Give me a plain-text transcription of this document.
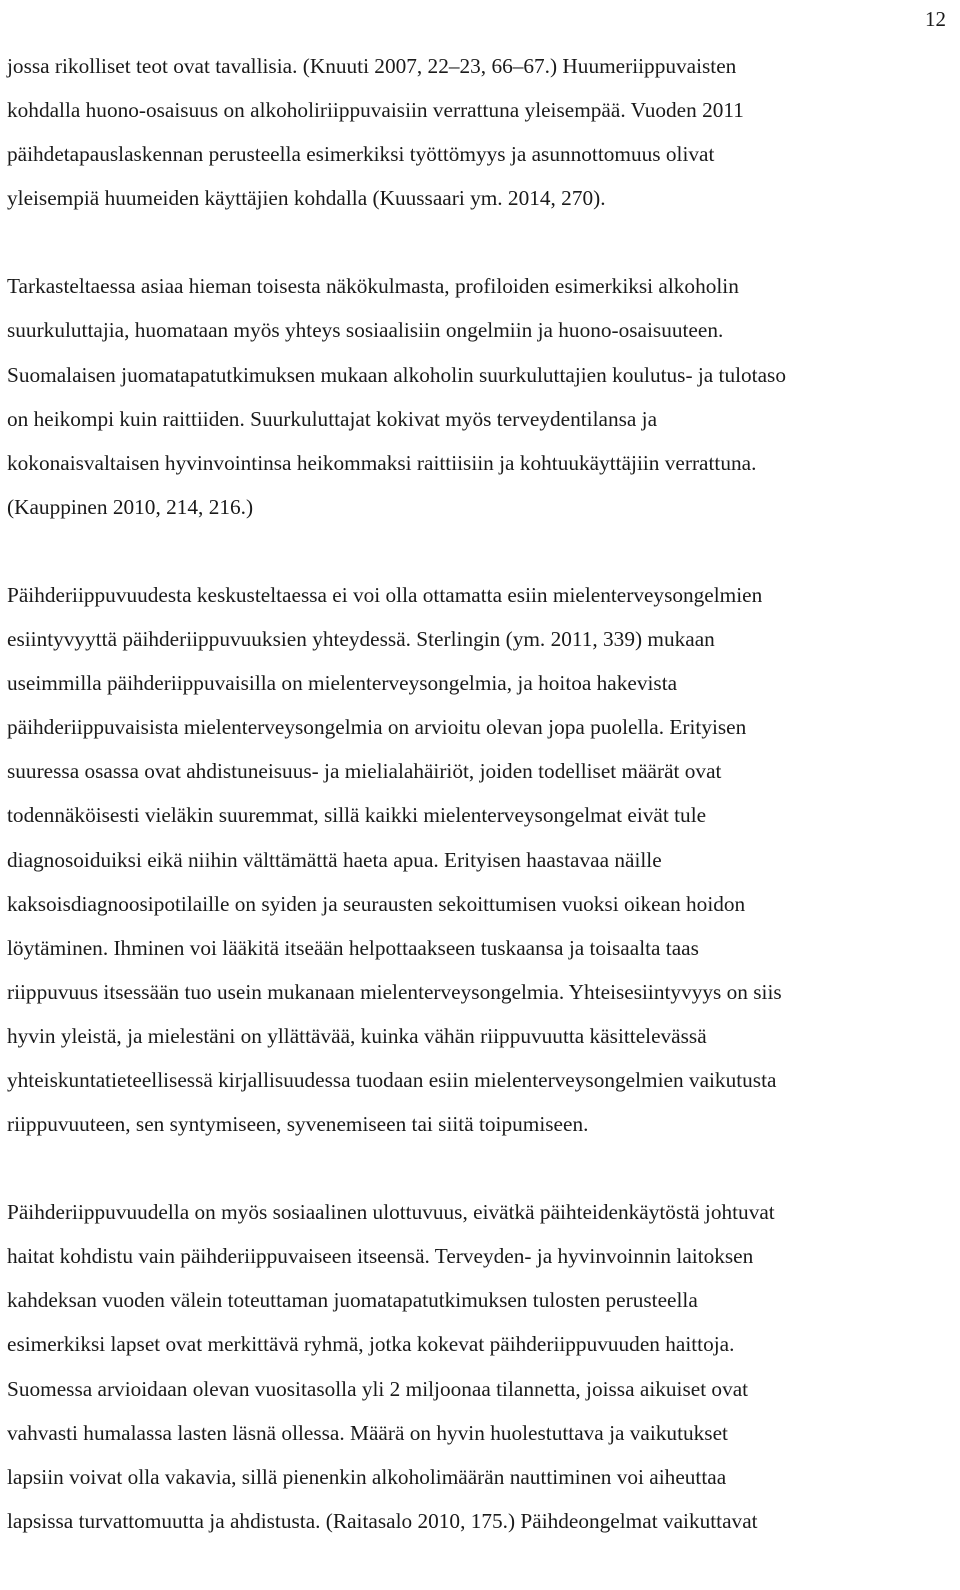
12

jossa rikolliset teot ovat tavallisia. (Knuuti 2007, 22–23, 66–67.) Huumeriippuvaisten
kohdalla huono-osaisuus on alkoholiriippuvaisiin verrattuna yleisempää. Vuoden 2011
päihdetapauslaskennan perusteella esimerkiksi työttömyys ja asunnottomuus olivat
yleisempiä huumeiden käyttäjien kohdalla (Kuussaari ym. 2014, 270).

Tarkasteltaessa asiaa hieman toisesta näkökulmasta, profiloiden esimerkiksi alkoholin
suurkuluttajia, huomataan myös yhteys sosiaalisiin ongelmiin ja huono-osaisuuteen.
Suomalaisen juomatapatutkimuksen mukaan alkoholin suurkuluttajien koulutus- ja tulotaso
on heikompi kuin raittiiden. Suurkuluttajat kokivat myös terveydentilansa ja
kokonaisvaltaisen hyvinvointinsa heikommaksi raittiisiin ja kohtuukäyttäjiin verrattuna.
(Kauppinen 2010, 214, 216.)

Päihderiippuvuudesta keskusteltaessa ei voi olla ottamatta esiin mielenterveysongelmien
esiintyvyyttä päihderiippuvuuksien yhteydessä. Sterlingin (ym. 2011, 339) mukaan
useimmilla päihderiippuvaisilla on mielenterveysongelmia, ja hoitoa hakevista
päihderiippuvaisista mielenterveysongelmia on arvioitu olevan jopa puolella. Erityisen
suuressa osassa ovat ahdistuneisuus- ja mielialahäiriöt, joiden todelliset määrät ovat
todennäköisesti vieläkin suuremmat, sillä kaikki mielenterveysongelmat eivät tule
diagnosoiduiksi eikä niihin välttämättä haeta apua. Erityisen haastavaa näille
kaksoisdiagnoosipotilaille on syiden ja seurausten sekoittumisen vuoksi oikean hoidon
löytäminen. Ihminen voi lääkitä itseään helpottaakseen tuskaansa ja toisaalta taas
riippuvuus itsessään tuo usein mukanaan mielenterveysongelmia. Yhteisesiintyvyys on siis
hyvin yleistä, ja mielestäni on yllättävää, kuinka vähän riippuvuutta käsittelevässä
yhteiskuntatieteellisessä kirjallisuudessa tuodaan esiin mielenterveysongelmien vaikutusta
riippuvuuteen, sen syntymiseen, syvenemiseen tai siitä toipumiseen.

Päihderiippuvuudella on myös sosiaalinen ulottuvuus, eivätkä päihteidenkäytöstä johtuvat
haitat kohdistu vain päihderiippuvaiseen itseensä. Terveyden- ja hyvinvoinnin laitoksen
kahdeksan vuoden välein toteuttaman juomatapatutkimuksen tulosten perusteella
esimerkiksi lapset ovat merkittävä ryhmä, jotka kokevat päihderiippuvuuden haittoja.
Suomessa arvioidaan olevan vuositasolla yli 2 miljoonaa tilannetta, joissa aikuiset ovat
vahvasti humalassa lasten läsnä ollessa. Määrä on hyvin huolestuttava ja vaikutukset
lapsiin voivat olla vakavia, sillä pienenkin alkoholimäärän nauttiminen voi aiheuttaa
lapsissa turvattomuutta ja ahdistusta. (Raitasalo 2010, 175.) Päihdeongelmat vaikuttavat
